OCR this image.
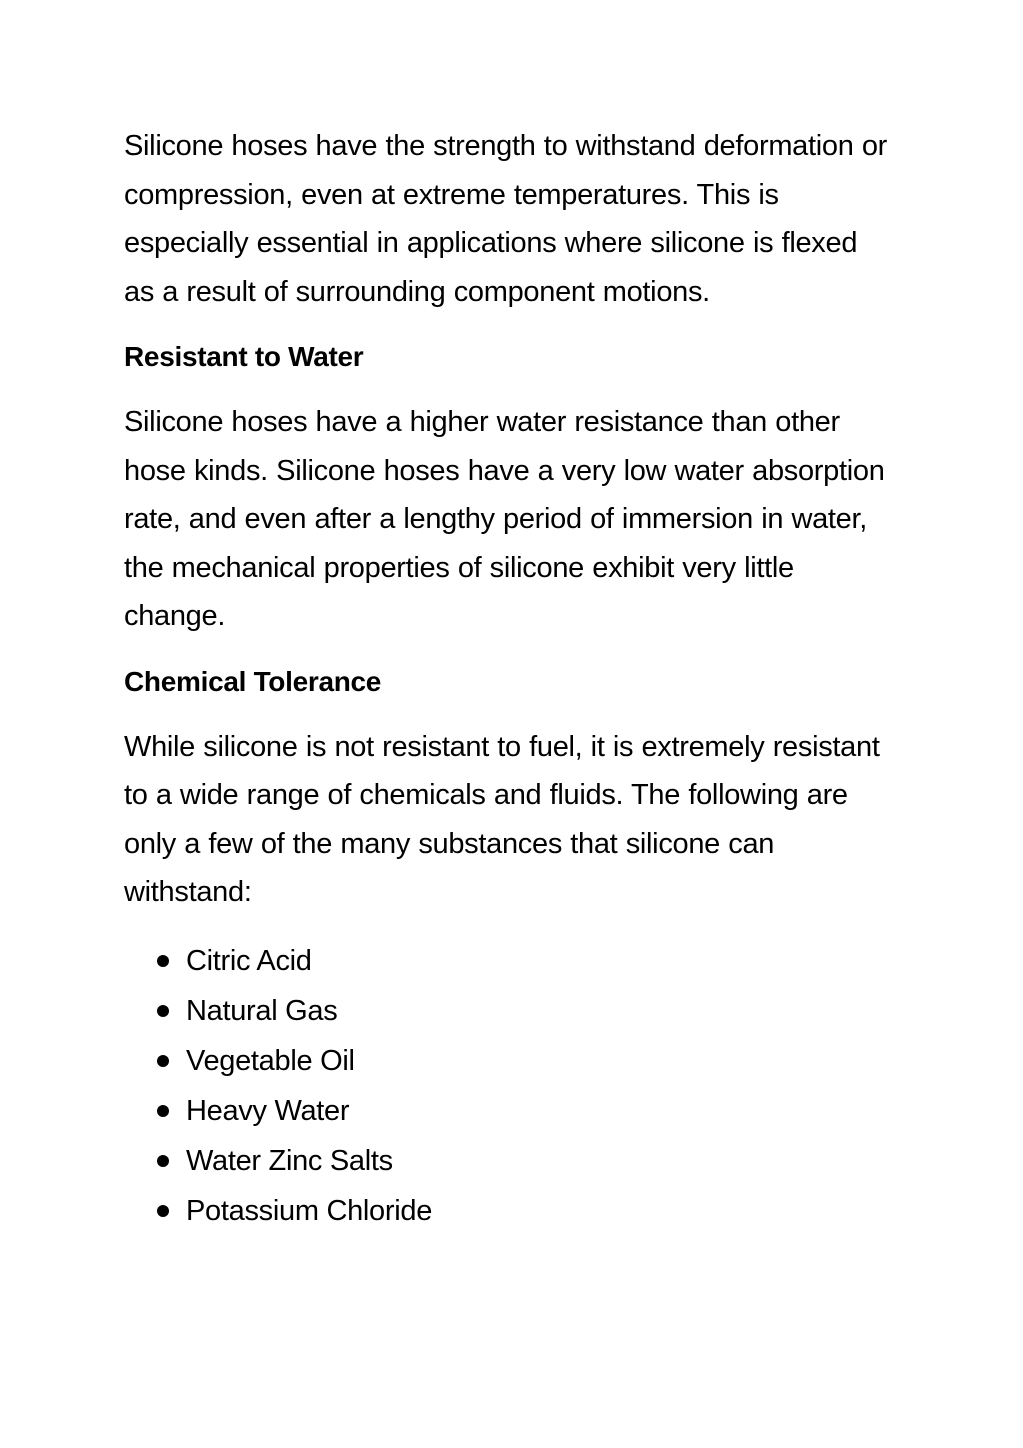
Silicone hoses have the strength to withstand deformation or compression, even at extreme temperatures. This is especially essential in applications where silicone is flexed as a result of surrounding component motions.

Resistant to Water

Silicone hoses have a higher water resistance than other hose kinds. Silicone hoses have a very low water absorption rate, and even after a lengthy period of immersion in water, the mechanical properties of silicone exhibit very little change.

Chemical Tolerance

While silicone is not resistant to fuel, it is extremely resistant to a wide range of chemicals and fluids. The following are only a few of the many substances that silicone can withstand:

Citric Acid
Natural Gas
Vegetable Oil
Heavy Water
Water Zinc Salts
Potassium Chloride
